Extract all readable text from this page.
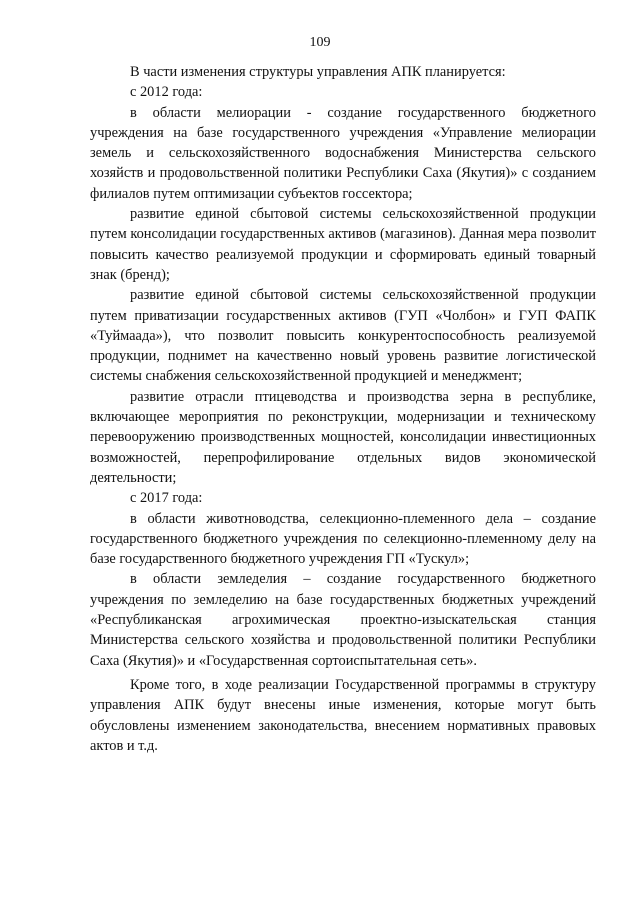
109

В части изменения структуры управления АПК планируется:

с 2012 года:

в области мелиорации - создание государственного бюджетного учреждения на базе государственного учреждения «Управление мелиорации земель и сельскохозяйственного водоснабжения Министерства сельского хозяйств и продовольственной политики Республики Саха (Якутия)» с созданием филиалов путем оптимизации субъектов госсектора;

развитие единой сбытовой системы сельскохозяйственной продукции путем консолидации государственных активов (магазинов). Данная мера позволит повысить качество реализуемой продукции и сформировать единый товарный знак (бренд);

развитие единой сбытовой системы сельскохозяйственной продукции путем приватизации государственных активов (ГУП «Чолбон» и ГУП ФАПК «Туймаада»), что позволит повысить конкурентоспособность реализуемой продукции, поднимет на качественно новый уровень развитие логистической системы снабжения сельскохозяйственной продукцией и менеджмент;

развитие отрасли птицеводства и производства зерна в республике, включающее мероприятия по реконструкции, модернизации и техническому перевооружению производственных мощностей, консолидации инвестиционных возможностей, перепрофилирование отдельных видов экономической деятельности;

с 2017 года:

в области животноводства, селекционно-племенного дела – создание государственного бюджетного учреждения по селекционно-племенному делу на базе государственного бюджетного учреждения ГП «Тускул»;

в области земледелия – создание государственного бюджетного учреждения по земледелию на базе государственных бюджетных учреждений «Республиканская агрохимическая проектно-изыскательская станция Министерства сельского хозяйства и продовольственной политики Республики Саха (Якутия)» и «Государственная сортоиспытательная сеть».

Кроме того, в ходе реализации Государственной программы в структуру управления АПК будут внесены иные изменения, которые могут быть обусловлены изменением законодательства, внесением нормативных правовых актов и т.д.
